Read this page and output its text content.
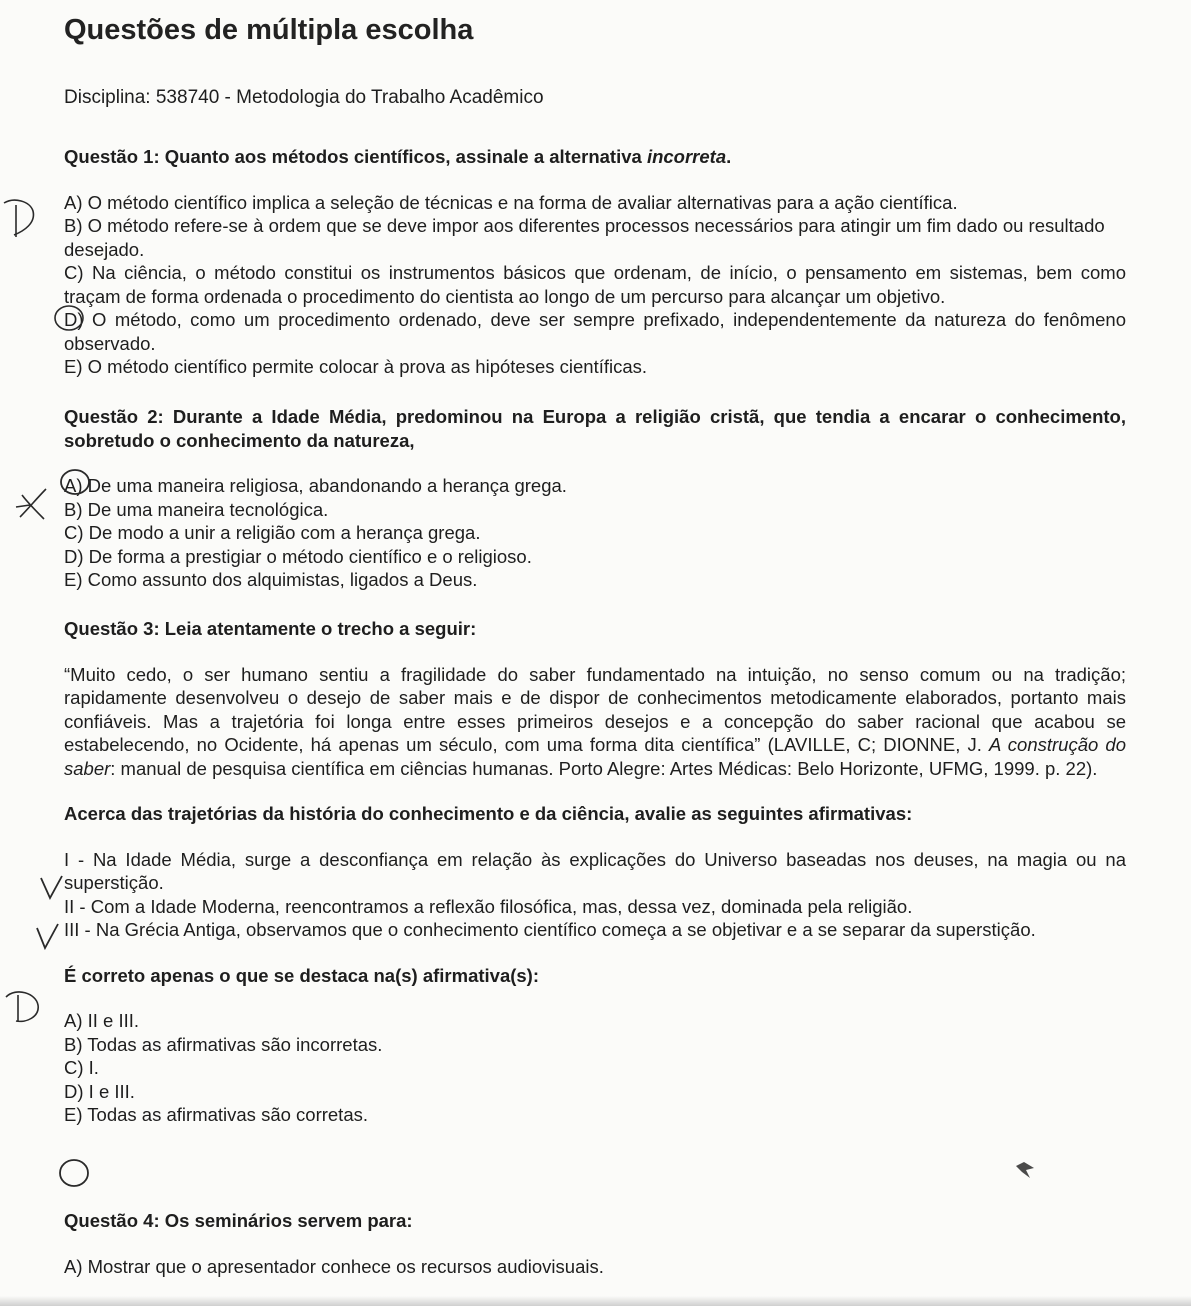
Questões de múltipla escolha
Disciplina: 538740 - Metodologia do Trabalho Acadêmico
Questão 1: Quanto aos métodos científicos, assinale a alternativa incorreta.
A) O método científico implica a seleção de técnicas e na forma de avaliar alternativas para a ação científica.
B) O método refere-se à ordem que se deve impor aos diferentes processos necessários para atingir um fim dado ou resultado desejado.
C) Na ciência, o método constitui os instrumentos básicos que ordenam, de início, o pensamento em sistemas, bem como traçam de forma ordenada o procedimento do cientista ao longo de um percurso para alcançar um objetivo.
D) O método, como um procedimento ordenado, deve ser sempre prefixado, independentemente da natureza do fenômeno observado.
E) O método científico permite colocar à prova as hipóteses científicas.
Questão 2: Durante a Idade Média, predominou na Europa a religião cristã, que tendia a encarar o conhecimento, sobretudo o conhecimento da natureza,
A) De uma maneira religiosa, abandonando a herança grega.
B) De uma maneira tecnológica.
C) De modo a unir a religião com a herança grega.
D) De forma a prestigiar o método científico e o religioso.
E) Como assunto dos alquimistas, ligados a Deus.
Questão 3: Leia atentamente o trecho a seguir:
“Muito cedo, o ser humano sentiu a fragilidade do saber fundamentado na intuição, no senso comum ou na tradição; rapidamente desenvolveu o desejo de saber mais e de dispor de conhecimentos metodicamente elaborados, portanto mais confiáveis. Mas a trajetória foi longa entre esses primeiros desejos e a concepção do saber racional que acabou se estabelecendo, no Ocidente, há apenas um século, com uma forma dita científica” (LAVILLE, C; DIONNE, J. A construção do saber: manual de pesquisa científica em ciências humanas. Porto Alegre: Artes Médicas: Belo Horizonte, UFMG, 1999. p. 22).
Acerca das trajetórias da história do conhecimento e da ciência, avalie as seguintes afirmativas:
I - Na Idade Média, surge a desconfiança em relação às explicações do Universo baseadas nos deuses, na magia ou na superstição.
II - Com a Idade Moderna, reencontramos a reflexão filosófica, mas, dessa vez, dominada pela religião.
III - Na Grécia Antiga, observamos que o conhecimento científico começa a se objetivar e a se separar da superstição.
É correto apenas o que se destaca na(s) afirmativa(s):
A) II e III.
B) Todas as afirmativas são incorretas.
C) I.
D) I e III.
E) Todas as afirmativas são corretas.
Questão 4: Os seminários servem para:
A) Mostrar que o apresentador conhece os recursos audiovisuais.
